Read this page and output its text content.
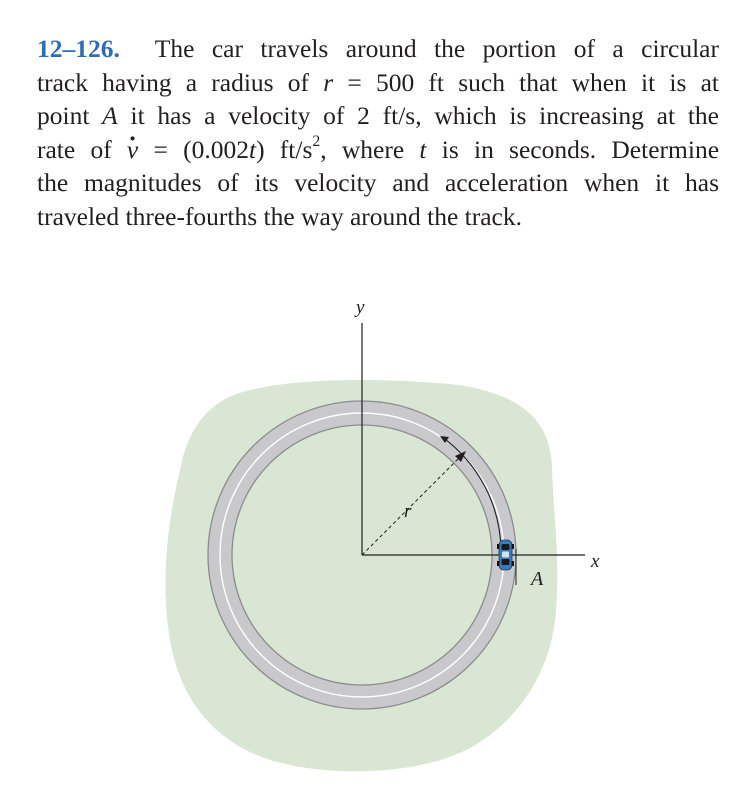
12–126. The car travels around the portion of a circular
track having a radius of r = 500 ft such that when it is at
point A it has a velocity of 2 ft/s, which is increasing at the
rate of v · = (0.002t) $ft/s^2$, where t is in seconds. Determine
the magnitudes of its velocity and acceleration when it has
traveled three-fourths the way around the track.
y
x
r
A
